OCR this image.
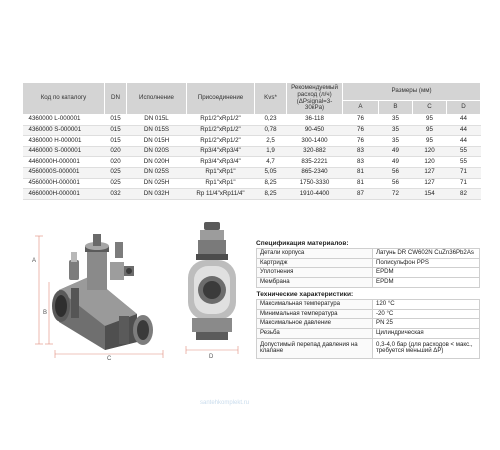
Код по каталогу	DN	Исполнение	Присоединение	Kvs*	Рекомендуемый расход (л/ч) (ΔPsignal=3-30кPa)	Размеры (мм)			
						A	B	C	D
4360000 L-000001	015	DN 015L	Rp1/2"xRp1/2"	0,23	36-118	76	35	95	44
4360000 S-000001	015	DN 015S	Rp1/2"xRp1/2"	0,78	90-450	76	35	95	44
4360000 H-000001	015	DN 015H	Rp1/2"xRp1/2"	2,5	300-1400	76	35	95	44
4460000 S-000001	020	DN 020S	Rp3/4"xRp3/4"	1,9	320-882	83	49	120	55
4460000H-000001	020	DN 020H	Rp3/4"xRp3/4"	4,7	835-2221	83	49	120	55
4560000S-000001	025	DN 025S	Rp1"xRp1"	5,05	865-2340	81	56	127	71
4560000H-000001	025	DN 025H	Rp1"xRp1"	8,25	1750-3330	81	56	127	71
4660000H-000001	032	DN 032H	Rp 11/4"xRp11/4"	8,25	1910-4400	87	72	154	82
A
B
C	D
Спецификация материалов:
Детали корпуса	Латунь DR CW602N CuZn36Pb2As
Картридж	Полисульфон PPS
Уплотнения	EPDM
Мембрана	EPDM
Технические характеристики:	
Максимальная температура	120 °C
Минимальная температура	-20 °C
Максимальное давление	PN 25
Резьба	Цилиндрическая
Допустимый перепад давления на клапане	0,3-4,0 бар (для расходов < макс., требуется меньший ΔР)
santehkomplekt.ru
